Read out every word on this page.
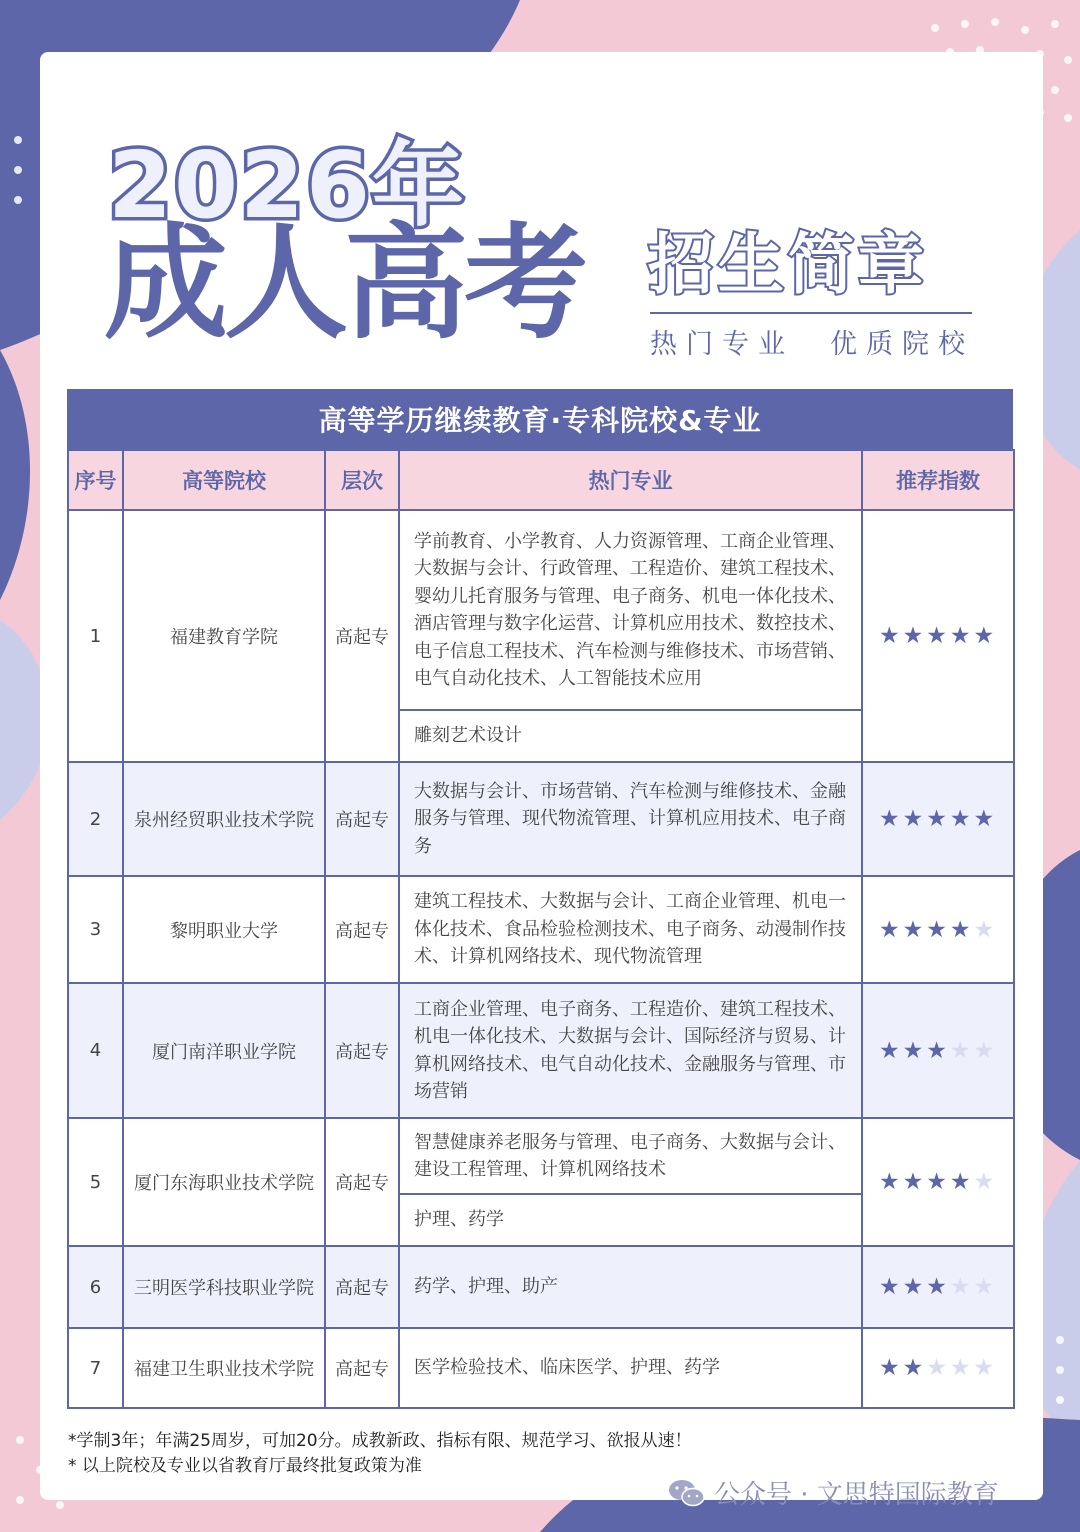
2026年
成人高考 招生简章
热门专业　优质院校
高等学历继续教育·专科院校&专业
序号	高等院校	层次	热门专业	推荐指数
1	福建教育学院	高起专	学前教育、小学教育、人力资源管理、工商企业管理、大数据与会计、行政管理、工程造价、建筑工程技术、婴幼儿托育服务与管理、电子商务、机电一体化技术、酒店管理与数字化运营、计算机应用技术、数控技术、电子信息工程技术、汽车检测与维修技术、市场营销、电气自动化技术、人工智能技术应用	★★★★★
			雕刻艺术设计	
2	泉州经贸职业技术学院	高起专	大数据与会计、市场营销、汽车检测与维修技术、金融服务与管理、现代物流管理、计算机应用技术、电子商务	★★★★★
3	黎明职业大学	高起专	建筑工程技术、大数据与会计、工商企业管理、机电一体化技术、食品检验检测技术、电子商务、动漫制作技术、计算机网络技术、现代物流管理	★★★★★
4	厦门南洋职业学院	高起专	工商企业管理、电子商务、工程造价、建筑工程技术、机电一体化技术、大数据与会计、国际经济与贸易、计算机网络技术、电气自动化技术、金融服务与管理、市场营销	★★★★★
5	厦门东海职业技术学院	高起专	智慧健康养老服务与管理、电子商务、大数据与会计、建设工程管理、计算机网络技术	★★★★★
			护理、药学	
6	三明医学科技职业学院	高起专	药学、护理、助产	★★★★★
7	福建卫生职业技术学院	高起专	医学检验技术、临床医学、护理、药学	★★★★★
*学制3年；年满25周岁，可加20分。成教新政、指标有限、规范学习、欲报从速！
* 以上院校及专业以省教育厅最终批复政策为准
公众号 · 文思特国际教育
